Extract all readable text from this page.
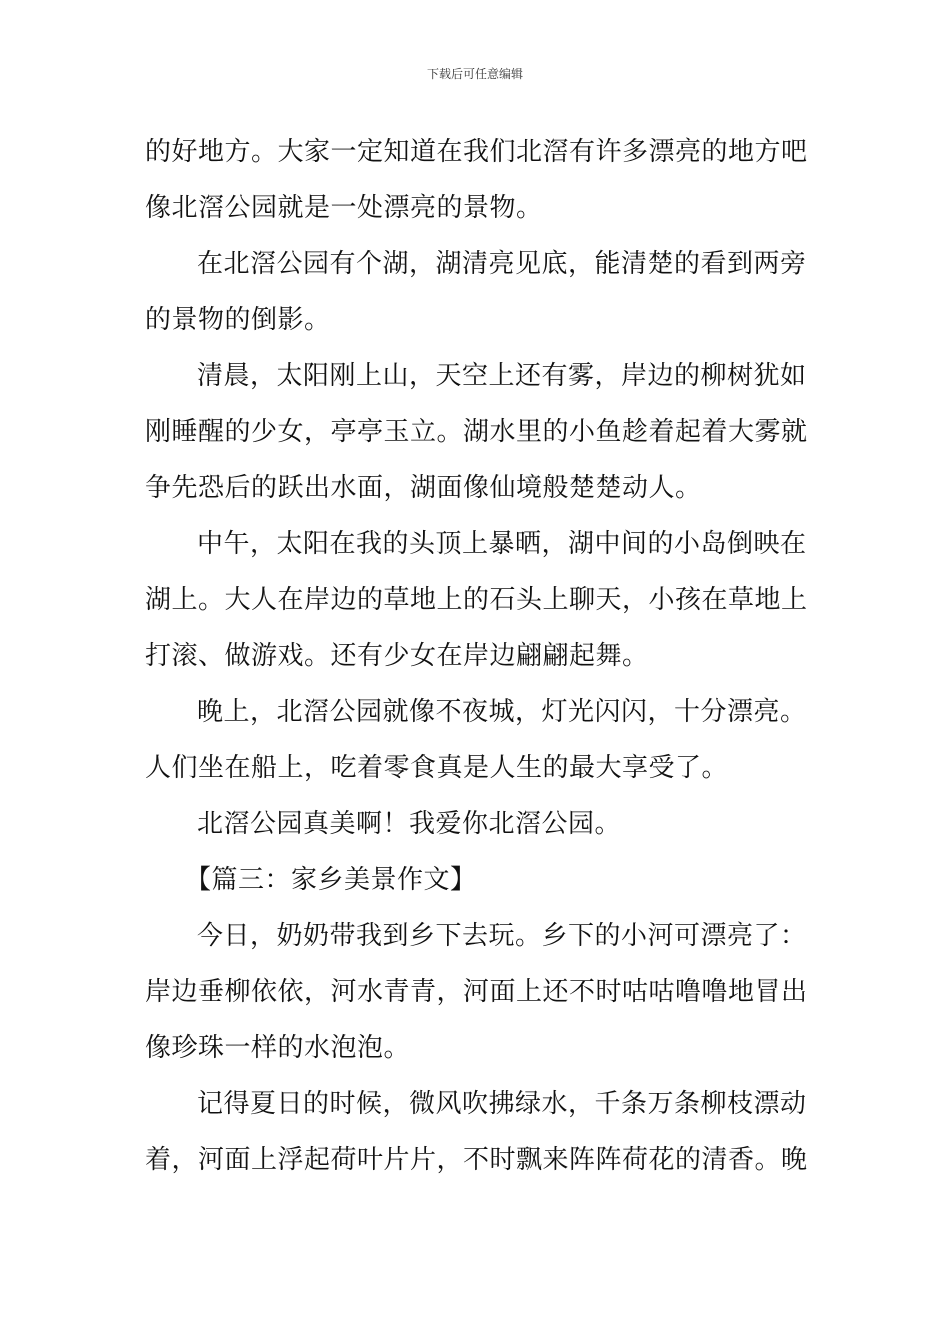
下载后可任意编辑
的好地方。大家一定知道在我们北滘有许多漂亮的地方吧
像北滘公园就是一处漂亮的景物。
在北滘公园有个湖，湖清亮见底，能清楚的看到两旁
的景物的倒影。
清晨，太阳刚上山，天空上还有雾，岸边的柳树犹如
刚睡醒的少女，亭亭玉立。湖水里的小鱼趁着起着大雾就
争先恐后的跃出水面，湖面像仙境般楚楚动人。
中午，太阳在我的头顶上暴晒，湖中间的小岛倒映在
湖上。大人在岸边的草地上的石头上聊天，小孩在草地上
打滚、做游戏。还有少女在岸边翩翩起舞。
晚上，北滘公园就像不夜城，灯光闪闪，十分漂亮。
人们坐在船上，吃着零食真是人生的最大享受了。
北滘公园真美啊！我爱你北滘公园。
【篇三：家乡美景作文】
今日，奶奶带我到乡下去玩。乡下的小河可漂亮了：
岸边垂柳依依，河水青青，河面上还不时咕咕噜噜地冒出
像珍珠一样的水泡泡。
记得夏日的时候，微风吹拂绿水，千条万条柳枝漂动
着，河面上浮起荷叶片片，不时飘来阵阵荷花的清香。晚
